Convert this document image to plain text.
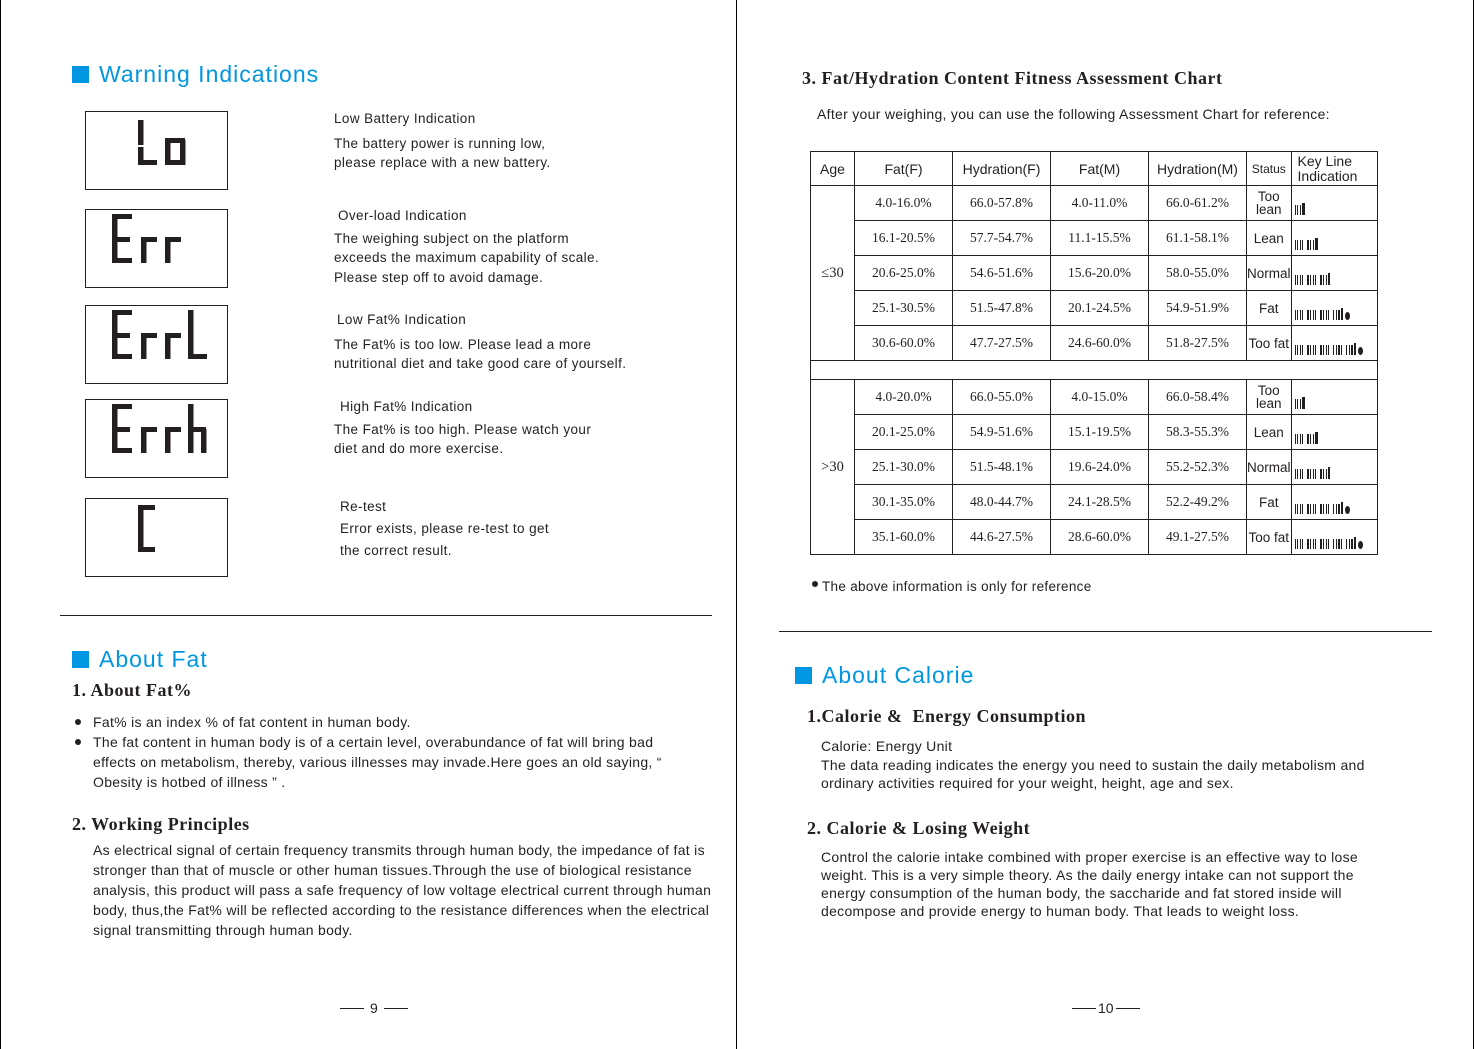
Warning Indications
Low Battery Indication
The battery power is running low,
please replace with a new battery.
Over-load Indication
The weighing subject on the platform
exceeds the maximum capability of scale.
Please step off to avoid damage.
Low Fat% Indication
The Fat% is too low. Please lead a more
nutritional diet and take good care of yourself.
High Fat% Indication
The Fat% is too high. Please watch your
diet and do more exercise.
Re-test
Error exists, please re-test to get
the correct result.
About Fat
1. About Fat%
Fat% is an index % of fat content in human body.
The fat content in human body is of a certain level, overabundance of fat will bring bad effects on metabolism, thereby, various illnesses may invade.Here goes an old saying, “ Obesity is hotbed of illness ” .
2. Working Principles
As electrical signal of certain frequency transmits through human body, the impedance of fat is stronger than that of muscle or other human tissues.Through the use of biological resistance analysis, this product will pass a safe frequency of low voltage electrical current through human body, thus,the Fat% will be reflected according to the resistance differences when the electrical signal transmitting through human body.
9
3. Fat/Hydration Content Fitness Assessment Chart
After your weighing, you can use the following Assessment Chart for reference:
Age	Fat(F)	Hydration(F)	Fat(M)	Hydration(M)	Status	Key Line Indication
≤30	4.0-16.0%	66.0-57.8%	4.0-11.0%	66.0-61.2%	Too lean	
	16.1-20.5%	57.7-54.7%	11.1-15.5%	61.1-58.1%	Lean	
	20.6-25.0%	54.6-51.6%	15.6-20.0%	58.0-55.0%	Normal	
	25.1-30.5%	51.5-47.8%	20.1-24.5%	54.9-51.9%	Fat	
	30.6-60.0%	47.7-27.5%	24.6-60.0%	51.8-27.5%	Too fat	

>30	4.0-20.0%	66.0-55.0%	4.0-15.0%	66.0-58.4%	Too lean	
	20.1-25.0%	54.9-51.6%	15.1-19.5%	58.3-55.3%	Lean	
	25.1-30.0%	51.5-48.1%	19.6-24.0%	55.2-52.3%	Normal	
	30.1-35.0%	48.0-44.7%	24.1-28.5%	52.2-49.2%	Fat	
	35.1-60.0%	44.6-27.5%	28.6-60.0%	49.1-27.5%	Too fat	
The above information is only for reference
About Calorie
1.Calorie &  Energy Consumption
Calorie: Energy Unit
The data reading indicates the energy you need to sustain the daily metabolism and
ordinary activities required for your weight, height, age and sex.
2. Calorie & Losing Weight
Control the calorie intake combined with proper exercise is an effective way to lose weight. This is a very simple theory. As the daily energy intake can not support the energy consumption of the human body, the saccharide and fat stored inside will decompose and provide energy to human body. That leads to weight loss.
10
